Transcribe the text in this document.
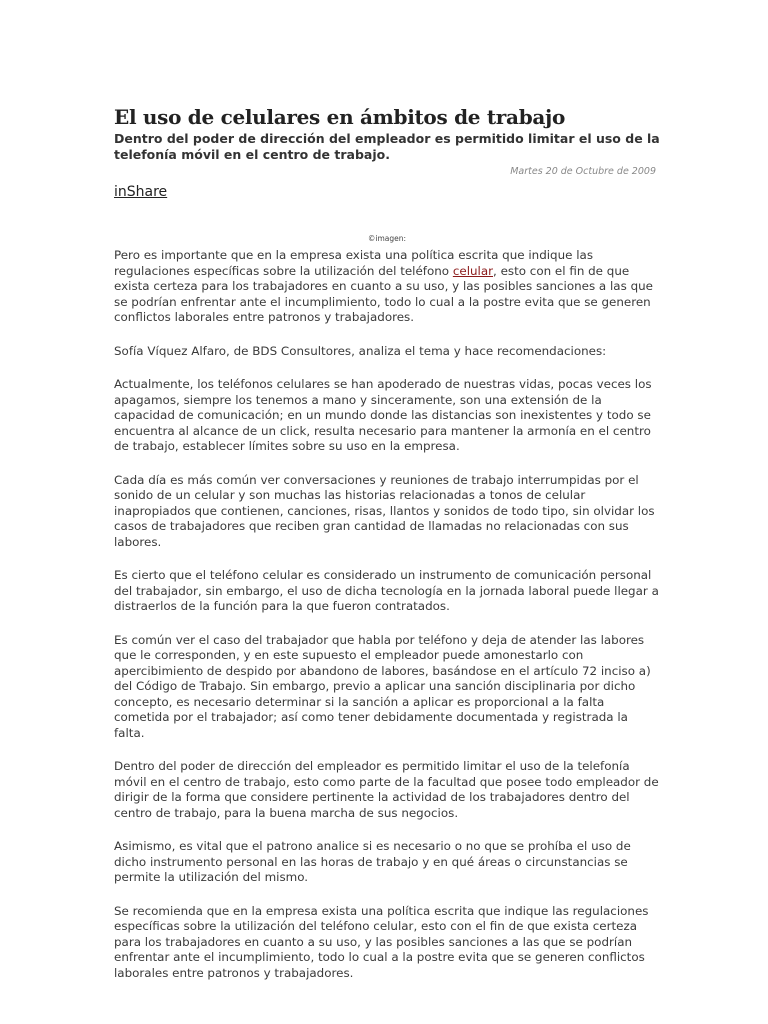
El uso de celulares en ámbitos de trabajo
Dentro del poder de dirección del empleador es permitido limitar el uso de la telefonía móvil en el centro de trabajo.
Martes 20 de Octubre de 2009
inShare
©imagen:

Pero es importante que en la empresa exista una política escrita que indique las regulaciones específicas sobre la utilización del teléfono celular, esto con el fin de que exista certeza para los trabajadores en cuanto a su uso, y las posibles sanciones a las que se podrían enfrentar ante el incumplimiento, todo lo cual a la postre evita que se generen conflictos laborales entre patronos y trabajadores.

Sofía Víquez Alfaro, de BDS Consultores, analiza el tema y hace recomendaciones:

Actualmente, los teléfonos celulares se han apoderado de nuestras vidas, pocas veces los apagamos, siempre los tenemos a mano y sinceramente, son una extensión de la capacidad de comunicación; en un mundo donde las distancias son inexistentes y todo se encuentra al alcance de un click, resulta necesario para mantener la armonía en el centro de trabajo, establecer límites sobre su uso en la empresa.

Cada día es más común ver conversaciones y reuniones de trabajo interrumpidas por el sonido de un celular y son muchas las historias relacionadas a tonos de celular inapropiados que contienen, canciones, risas, llantos y sonidos de todo tipo, sin olvidar los casos de trabajadores que reciben gran cantidad de llamadas no relacionadas con sus labores.

Es cierto que el teléfono celular es considerado un instrumento de comunicación personal del trabajador, sin embargo, el uso de dicha tecnología en la jornada laboral puede llegar a distraerlos de la función para la que fueron contratados.

Es común ver el caso del trabajador que habla por teléfono y deja de atender las labores que le corresponden, y en este supuesto el empleador puede amonestarlo con apercibimiento de despido por abandono de labores, basándose en el artículo 72 inciso a) del Código de Trabajo. Sin embargo, previo a aplicar una sanción disciplinaria por dicho concepto, es necesario determinar si la sanción a aplicar es proporcional a la falta cometida por el trabajador; así como tener debidamente documentada y registrada la falta.

Dentro del poder de dirección del empleador es permitido limitar el uso de la telefonía móvil en el centro de trabajo, esto como parte de la facultad que posee todo empleador de dirigir de la forma que considere pertinente la actividad de los trabajadores dentro del centro de trabajo, para la buena marcha de sus negocios.

Asimismo, es vital que el patrono analice si es necesario o no que se prohíba el uso de dicho instrumento personal en las horas de trabajo y en qué áreas o circunstancias se permite la utilización del mismo.

Se recomienda que en la empresa exista una política escrita que indique las regulaciones específicas sobre la utilización del teléfono celular, esto con el fin de que exista certeza para los trabajadores en cuanto a su uso, y las posibles sanciones a las que se podrían enfrentar ante el incumplimiento, todo lo cual a la postre evita que se generen conflictos laborales entre patronos y trabajadores.
